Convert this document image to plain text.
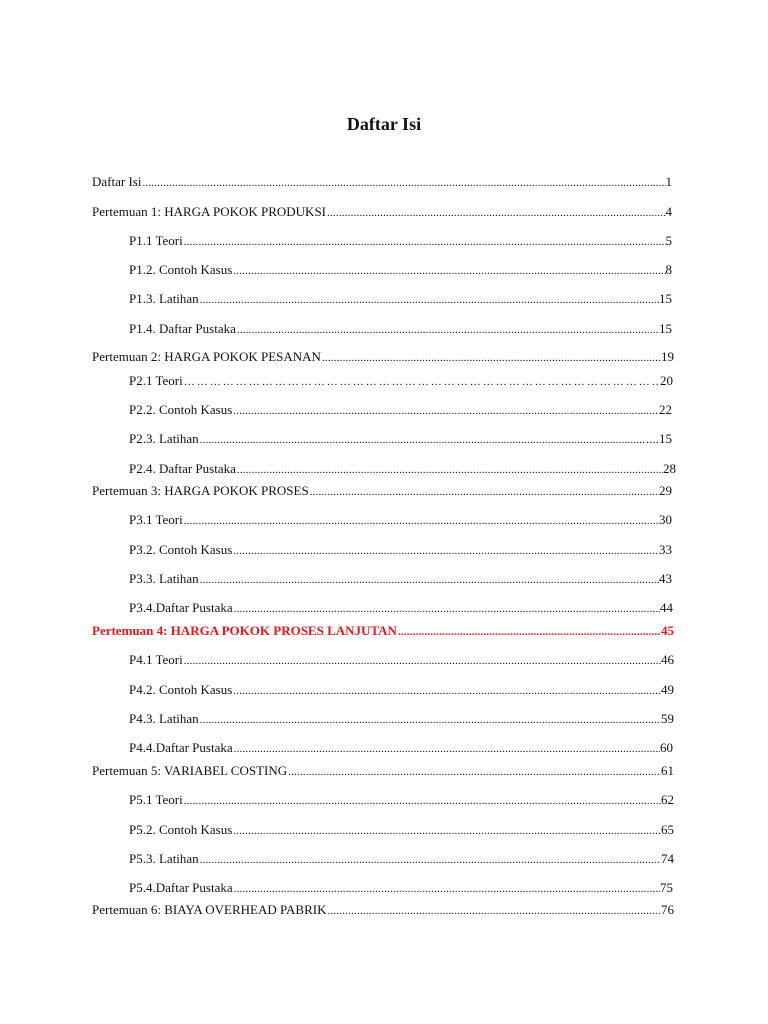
Daftar Isi
Daftar Isi .....	1
Pertemuan 1: HARGA POKOK PRODUKSI .....	4
P1.1 Teori .....	5
P1.2. Contoh Kasus .....	8
P1.3. Latihan .....	15
P1.4. Daftar Pustaka .....	15
Pertemuan 2: HARGA POKOK PESANAN .....	19
P2.1 Teori ………………………………………………………………………………………………………………………………………………………………	20
P2.2. Contoh Kasus .....	22
P2.3. Latihan .....	....15
P2.4. Daftar Pustaka .....	28
Pertemuan 3: HARGA POKOK PROSES .....	29
P3.1 Teori .....	30
P3.2. Contoh Kasus .....	33
P3.3. Latihan .....	43
P3.4.Daftar Pustaka .....	44
Pertemuan 4: HARGA POKOK PROSES LANJUTAN .....	45
P4.1 Teori .....	46
P4.2. Contoh Kasus .....	49
P4.3. Latihan .....	59
P4.4.Daftar Pustaka .....	60
Pertemuan 5: VARIABEL COSTING .....	61
P5.1 Teori .....	62
P5.2. Contoh Kasus .....	65
P5.3. Latihan .....	74
P5.4.Daftar Pustaka .....	75
Pertemuan 6: BIAYA OVERHEAD PABRIK .....	76
